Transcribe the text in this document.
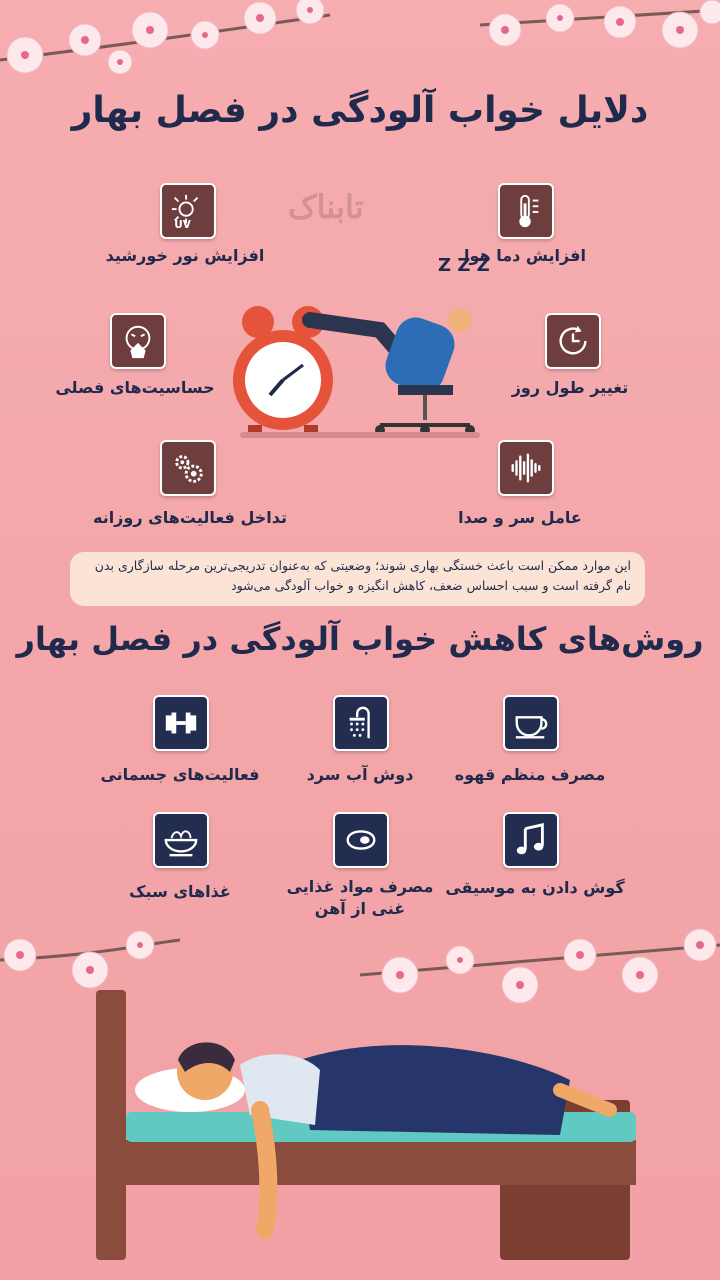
دلایل خواب آلودگی در فصل بهار
تابناک
UV
افزایش نور خورشید	افزایش دما هوا
حساسیت‌های فصلی	تغییر طول روز
تداخل فعالیت‌های روزانه	عامل سر و صدا
Z Z Z
این موارد ممکن است باعث خستگی بهاری شوند؛ وضعیتی که به‌عنوان تدریجی‌ترین مرحله سازگاری بدن نام گرفته است و سبب احساس ضعف، کاهش انگیزه و خواب آلودگی می‌شود
روش‌های کاهش خواب آلودگی در فصل بهار
فعالیت‌های جسمانی	دوش آب سرد	مصرف منظم قهوه
غذاهای سبک	مصرف مواد غذایی غنی از آهن
گوش دادن به موسیقی
